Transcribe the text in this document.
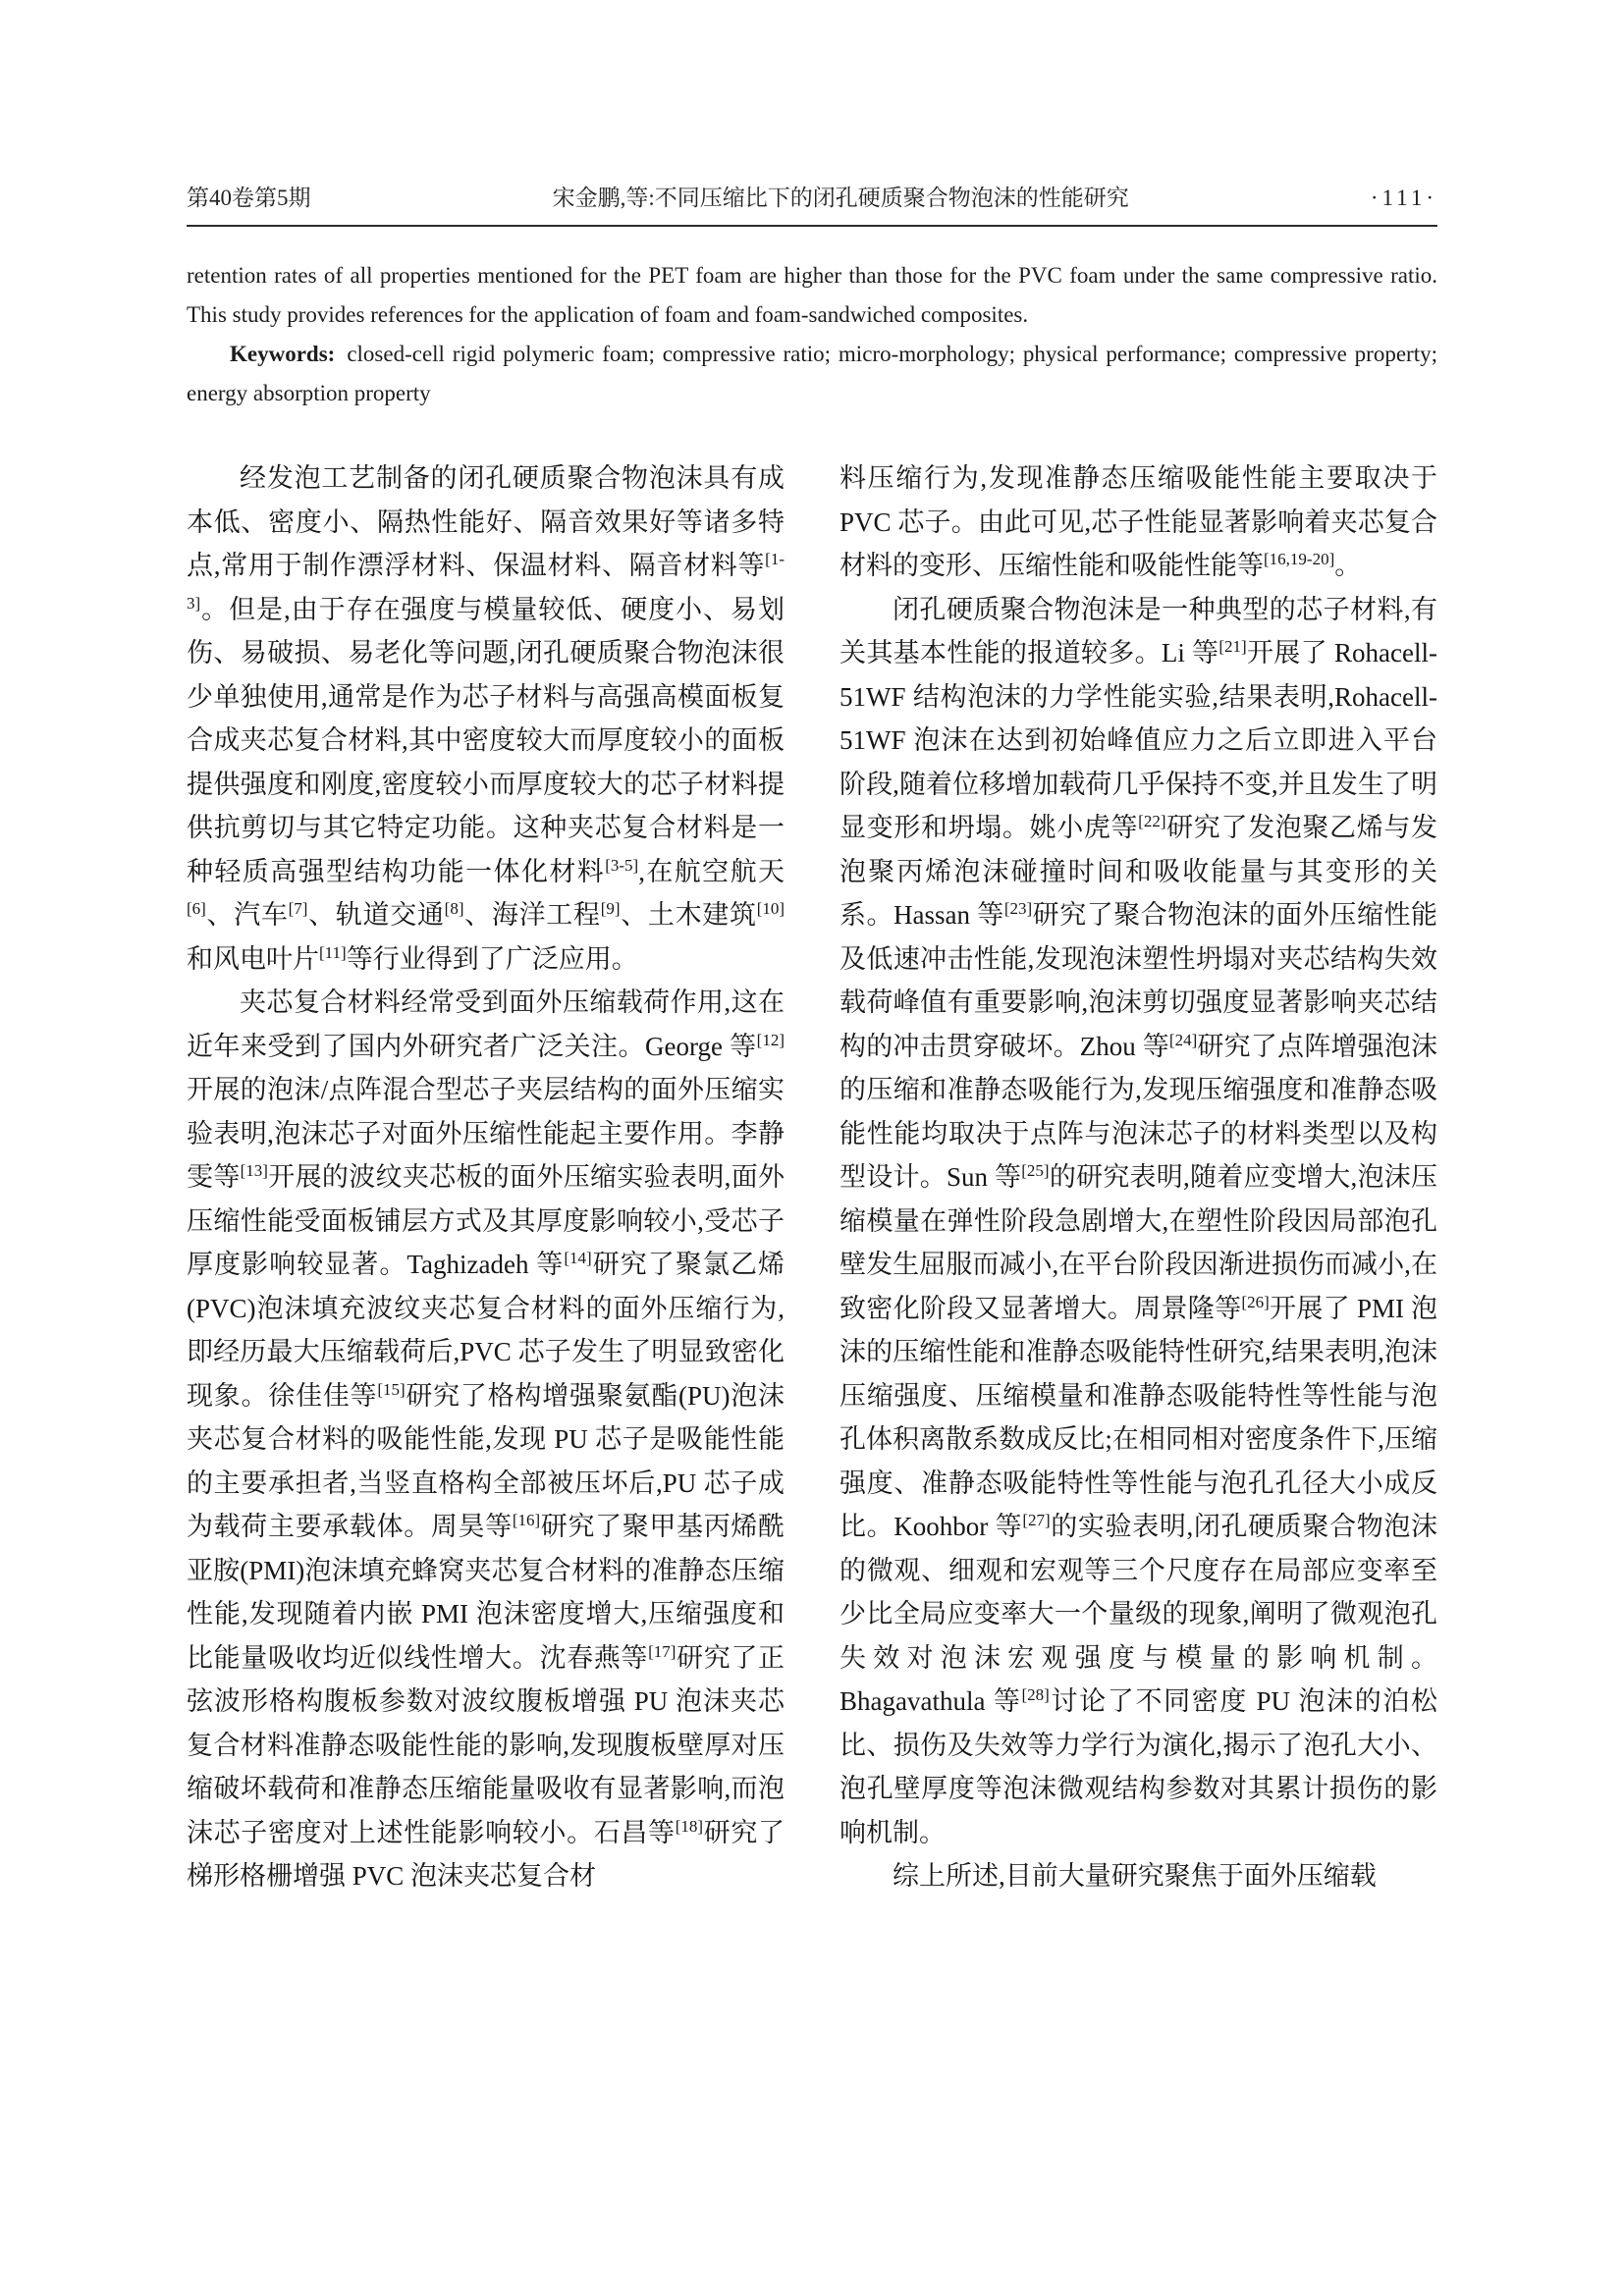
第40卷第5期	宋金鹏,等:不同压缩比下的闭孔硬质聚合物泡沫的性能研究	·111·

retention rates of all properties mentioned for the PET foam are higher than those for the PVC foam under the same compressive ratio. This study provides references for the application of foam and foam-sandwiched composites.

Keywords: closed-cell rigid polymeric foam; compressive ratio; micro-morphology; physical performance; compressive property; energy absorption property

经发泡工艺制备的闭孔硬质聚合物泡沫具有成本低、密度小、隔热性能好、隔音效果好等诸多特点,常用于制作漂浮材料、保温材料、隔音材料等[1-3]。但是,由于存在强度与模量较低、硬度小、易划伤、易破损、易老化等问题,闭孔硬质聚合物泡沫很少单独使用,通常是作为芯子材料与高强高模面板复合成夹芯复合材料,其中密度较大而厚度较小的面板提供强度和刚度,密度较小而厚度较大的芯子材料提供抗剪切与其它特定功能。这种夹芯复合材料是一种轻质高强型结构功能一体化材料[3-5],在航空航天[6]、汽车[7]、轨道交通[8]、海洋工程[9]、土木建筑[10]和风电叶片[11]等行业得到了广泛应用。

夹芯复合材料经常受到面外压缩载荷作用,这在近年来受到了国内外研究者广泛关注。George 等[12]开展的泡沫/点阵混合型芯子夹层结构的面外压缩实验表明,泡沫芯子对面外压缩性能起主要作用。李静雯等[13]开展的波纹夹芯板的面外压缩实验表明,面外压缩性能受面板铺层方式及其厚度影响较小,受芯子厚度影响较显著。Taghizadeh 等[14]研究了聚氯乙烯(PVC)泡沫填充波纹夹芯复合材料的面外压缩行为,即经历最大压缩载荷后,PVC 芯子发生了明显致密化现象。徐佳佳等[15]研究了格构增强聚氨酯(PU)泡沫夹芯复合材料的吸能性能,发现 PU 芯子是吸能性能的主要承担者,当竖直格构全部被压坏后,PU 芯子成为载荷主要承载体。周昊等[16]研究了聚甲基丙烯酰亚胺(PMI)泡沫填充蜂窝夹芯复合材料的准静态压缩性能,发现随着内嵌 PMI 泡沫密度增大,压缩强度和比能量吸收均近似线性增大。沈春燕等[17]研究了正弦波形格构腹板参数对波纹腹板增强 PU 泡沫夹芯复合材料准静态吸能性能的影响,发现腹板壁厚对压缩破坏载荷和准静态压缩能量吸收有显著影响,而泡沫芯子密度对上述性能影响较小。石昌等[18]研究了梯形格栅增强 PVC 泡沫夹芯复合材

料压缩行为,发现准静态压缩吸能性能主要取决于 PVC 芯子。由此可见,芯子性能显著影响着夹芯复合材料的变形、压缩性能和吸能性能等[16,19-20]。

闭孔硬质聚合物泡沫是一种典型的芯子材料,有关其基本性能的报道较多。Li 等[21]开展了 Rohacell-51WF 结构泡沫的力学性能实验,结果表明,Rohacell-51WF 泡沫在达到初始峰值应力之后立即进入平台阶段,随着位移增加载荷几乎保持不变,并且发生了明显变形和坍塌。姚小虎等[22]研究了发泡聚乙烯与发泡聚丙烯泡沫碰撞时间和吸收能量与其变形的关系。Hassan 等[23]研究了聚合物泡沫的面外压缩性能及低速冲击性能,发现泡沫塑性坍塌对夹芯结构失效载荷峰值有重要影响,泡沫剪切强度显著影响夹芯结构的冲击贯穿破坏。Zhou 等[24]研究了点阵增强泡沫的压缩和准静态吸能行为,发现压缩强度和准静态吸能性能均取决于点阵与泡沫芯子的材料类型以及构型设计。Sun 等[25]的研究表明,随着应变增大,泡沫压缩模量在弹性阶段急剧增大,在塑性阶段因局部泡孔壁发生屈服而减小,在平台阶段因渐进损伤而减小,在致密化阶段又显著增大。周景隆等[26]开展了 PMI 泡沫的压缩性能和准静态吸能特性研究,结果表明,泡沫压缩强度、压缩模量和准静态吸能特性等性能与泡孔体积离散系数成反比;在相同相对密度条件下,压缩强度、准静态吸能特性等性能与泡孔孔径大小成反比。Koohbor 等[27]的实验表明,闭孔硬质聚合物泡沫的微观、细观和宏观等三个尺度存在局部应变率至少比全局应变率大一个量级的现象,阐明了微观泡孔失效对泡沫宏观强度与模量的影响机制。Bhagavathula 等[28]讨论了不同密度 PU 泡沫的泊松比、损伤及失效等力学行为演化,揭示了泡孔大小、泡孔壁厚度等泡沫微观结构参数对其累计损伤的影响机制。

综上所述,目前大量研究聚焦于面外压缩载
